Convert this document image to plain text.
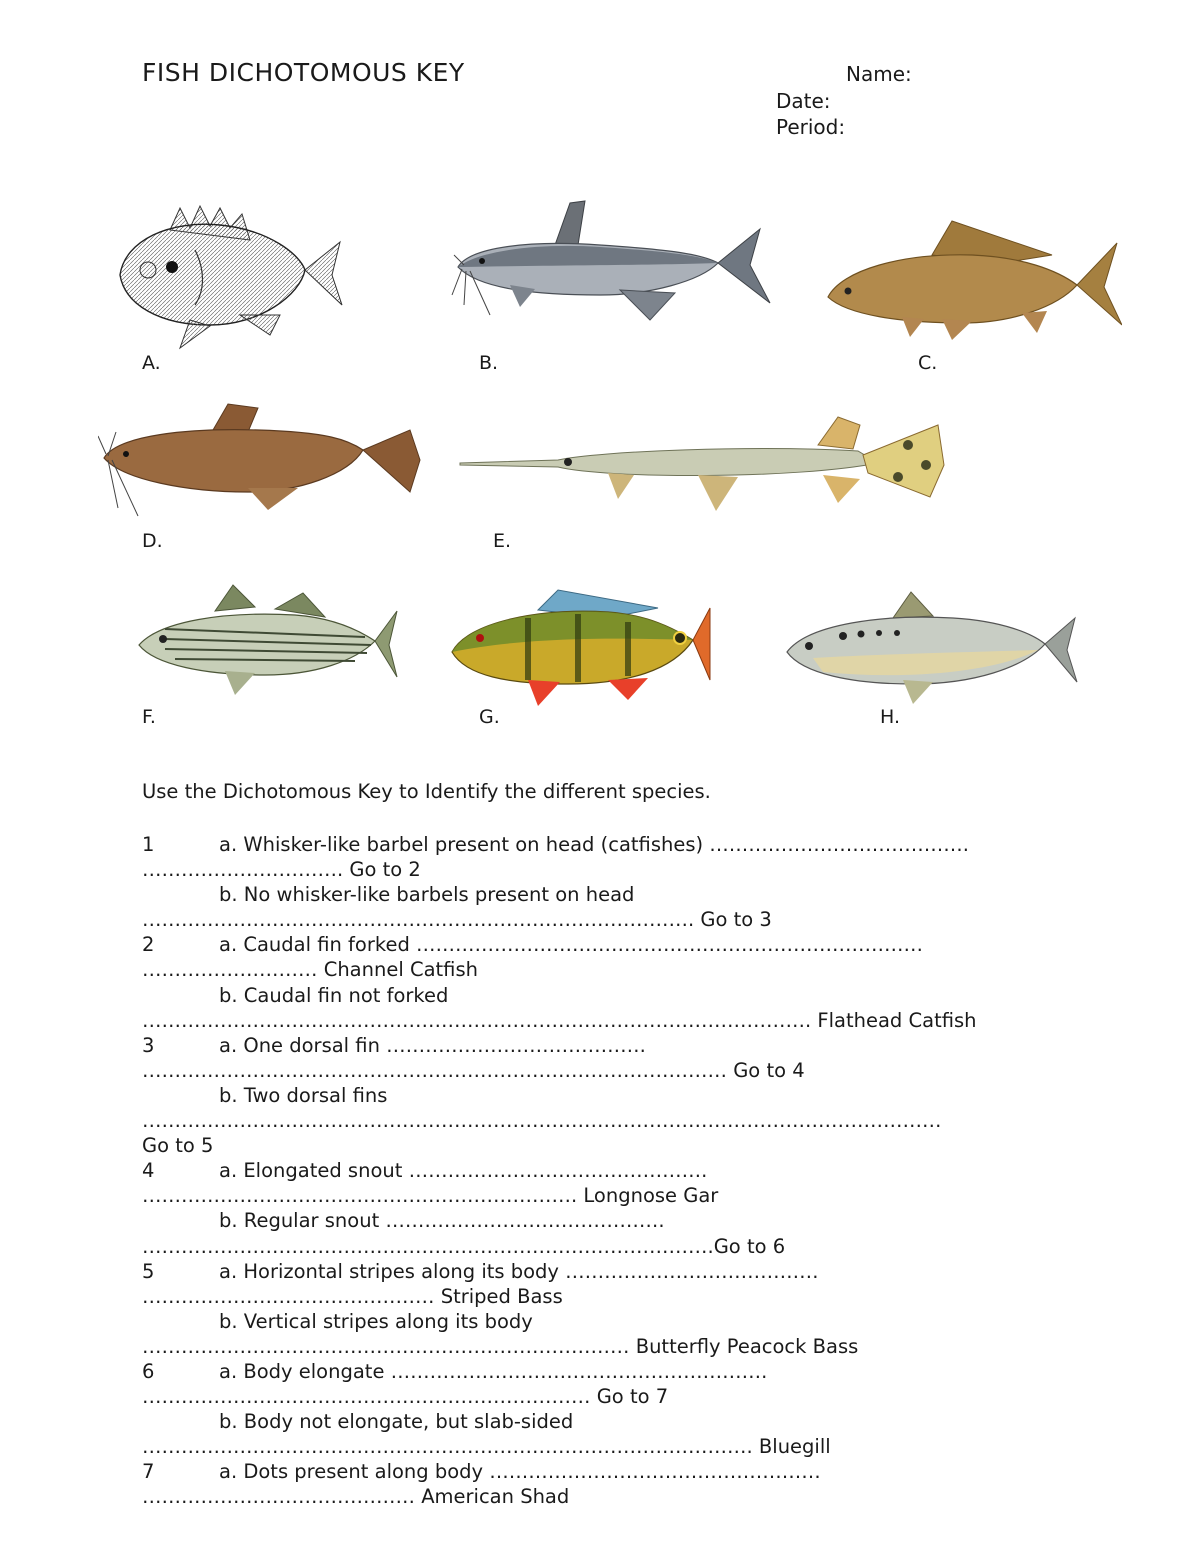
FISH DICHOTOMOUS KEY	Name:
Date:
Period:
A.	B.	C.
D.	E.
F.	G.	H.
Use the Dichotomous Key to Identify the different species.
1	a. Whisker-like barbel present on head (catfishes) ………………………………….
…………………………. Go to 2
b. No whisker-like barbels present on head
…………………………………………………………………………. Go to 3
2	a. Caudal fin forked ……………………………………………………………………
……………………… Channel Catfish
b. Caudal fin not forked
…………………………………………………………………………………………. Flathead Catfish
3	a. One dorsal fin ………………………………….
……………………………………………………………………………… Go to 4
b. Two dorsal fins
……………………………………………………………………………………………………………
Go to 5
4	a. Elongated snout ……………………………………….
…………………………………………………………. Longnose Gar
b. Regular snout …………………………………….
…………………………………………………………………………….Go to 6
5	a. Horizontal stripes along its body …………………………………
……………………………………… Striped Bass
b. Vertical stripes along its body
………………………………………………………………… Butterfly Peacock Bass
6	a. Body elongate ………………………………………………….
…………………………………………………………… Go to 7
b. Body not elongate, but slab-sided
…………………………………………………………………………………. Bluegill
7	a. Dots present along body ……………………………………………
…………………………………… American Shad
